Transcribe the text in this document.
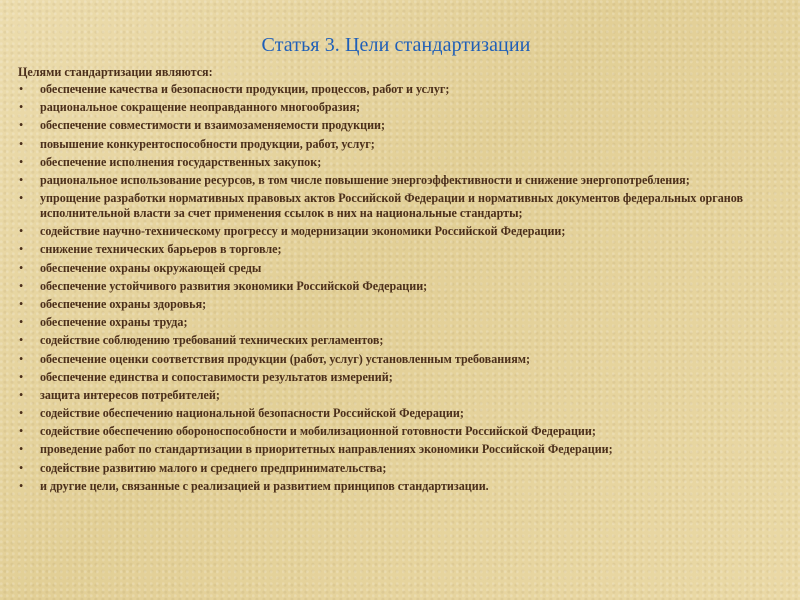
Статья 3. Цели стандартизации
Целями стандартизации являются:
• обеспечение качества и безопасности продукции, процессов, работ и услуг;
• рациональное сокращение неоправданного многообразия;
• обеспечение совместимости и взаимозаменяемости продукции;
• повышение конкурентоспособности продукции, работ, услуг;
• обеспечение исполнения государственных закупок;
• рациональное использование ресурсов, в том числе повышение энергоэффективности и снижение энергопотребления;
• упрощение разработки нормативных правовых актов Российской Федерации и нормативных документов федеральных органов исполнительной власти за счет применения ссылок в них на национальные стандарты;
• содействие научно-техническому прогрессу и модернизации экономики Российской Федерации;
• снижение технических барьеров в торговле;
• обеспечение охраны окружающей среды
• обеспечение устойчивого развития экономики Российской Федерации;
• обеспечение охраны здоровья;
• обеспечение охраны труда;
• содействие соблюдению требований технических регламентов;
• обеспечение оценки соответствия продукции (работ, услуг) установленным требованиям;
• обеспечение единства и сопоставимости результатов измерений;
• защита интересов потребителей;
• содействие обеспечению национальной безопасности Российской Федерации;
• содействие обеспечению обороноспособности и мобилизационной готовности Российской Федерации;
• проведение работ по стандартизации в приоритетных направлениях экономики Российской Федерации;
• содействие развитию малого и среднего предпринимательства;
• и другие цели, связанные с реализацией и развитием принципов стандартизации.
